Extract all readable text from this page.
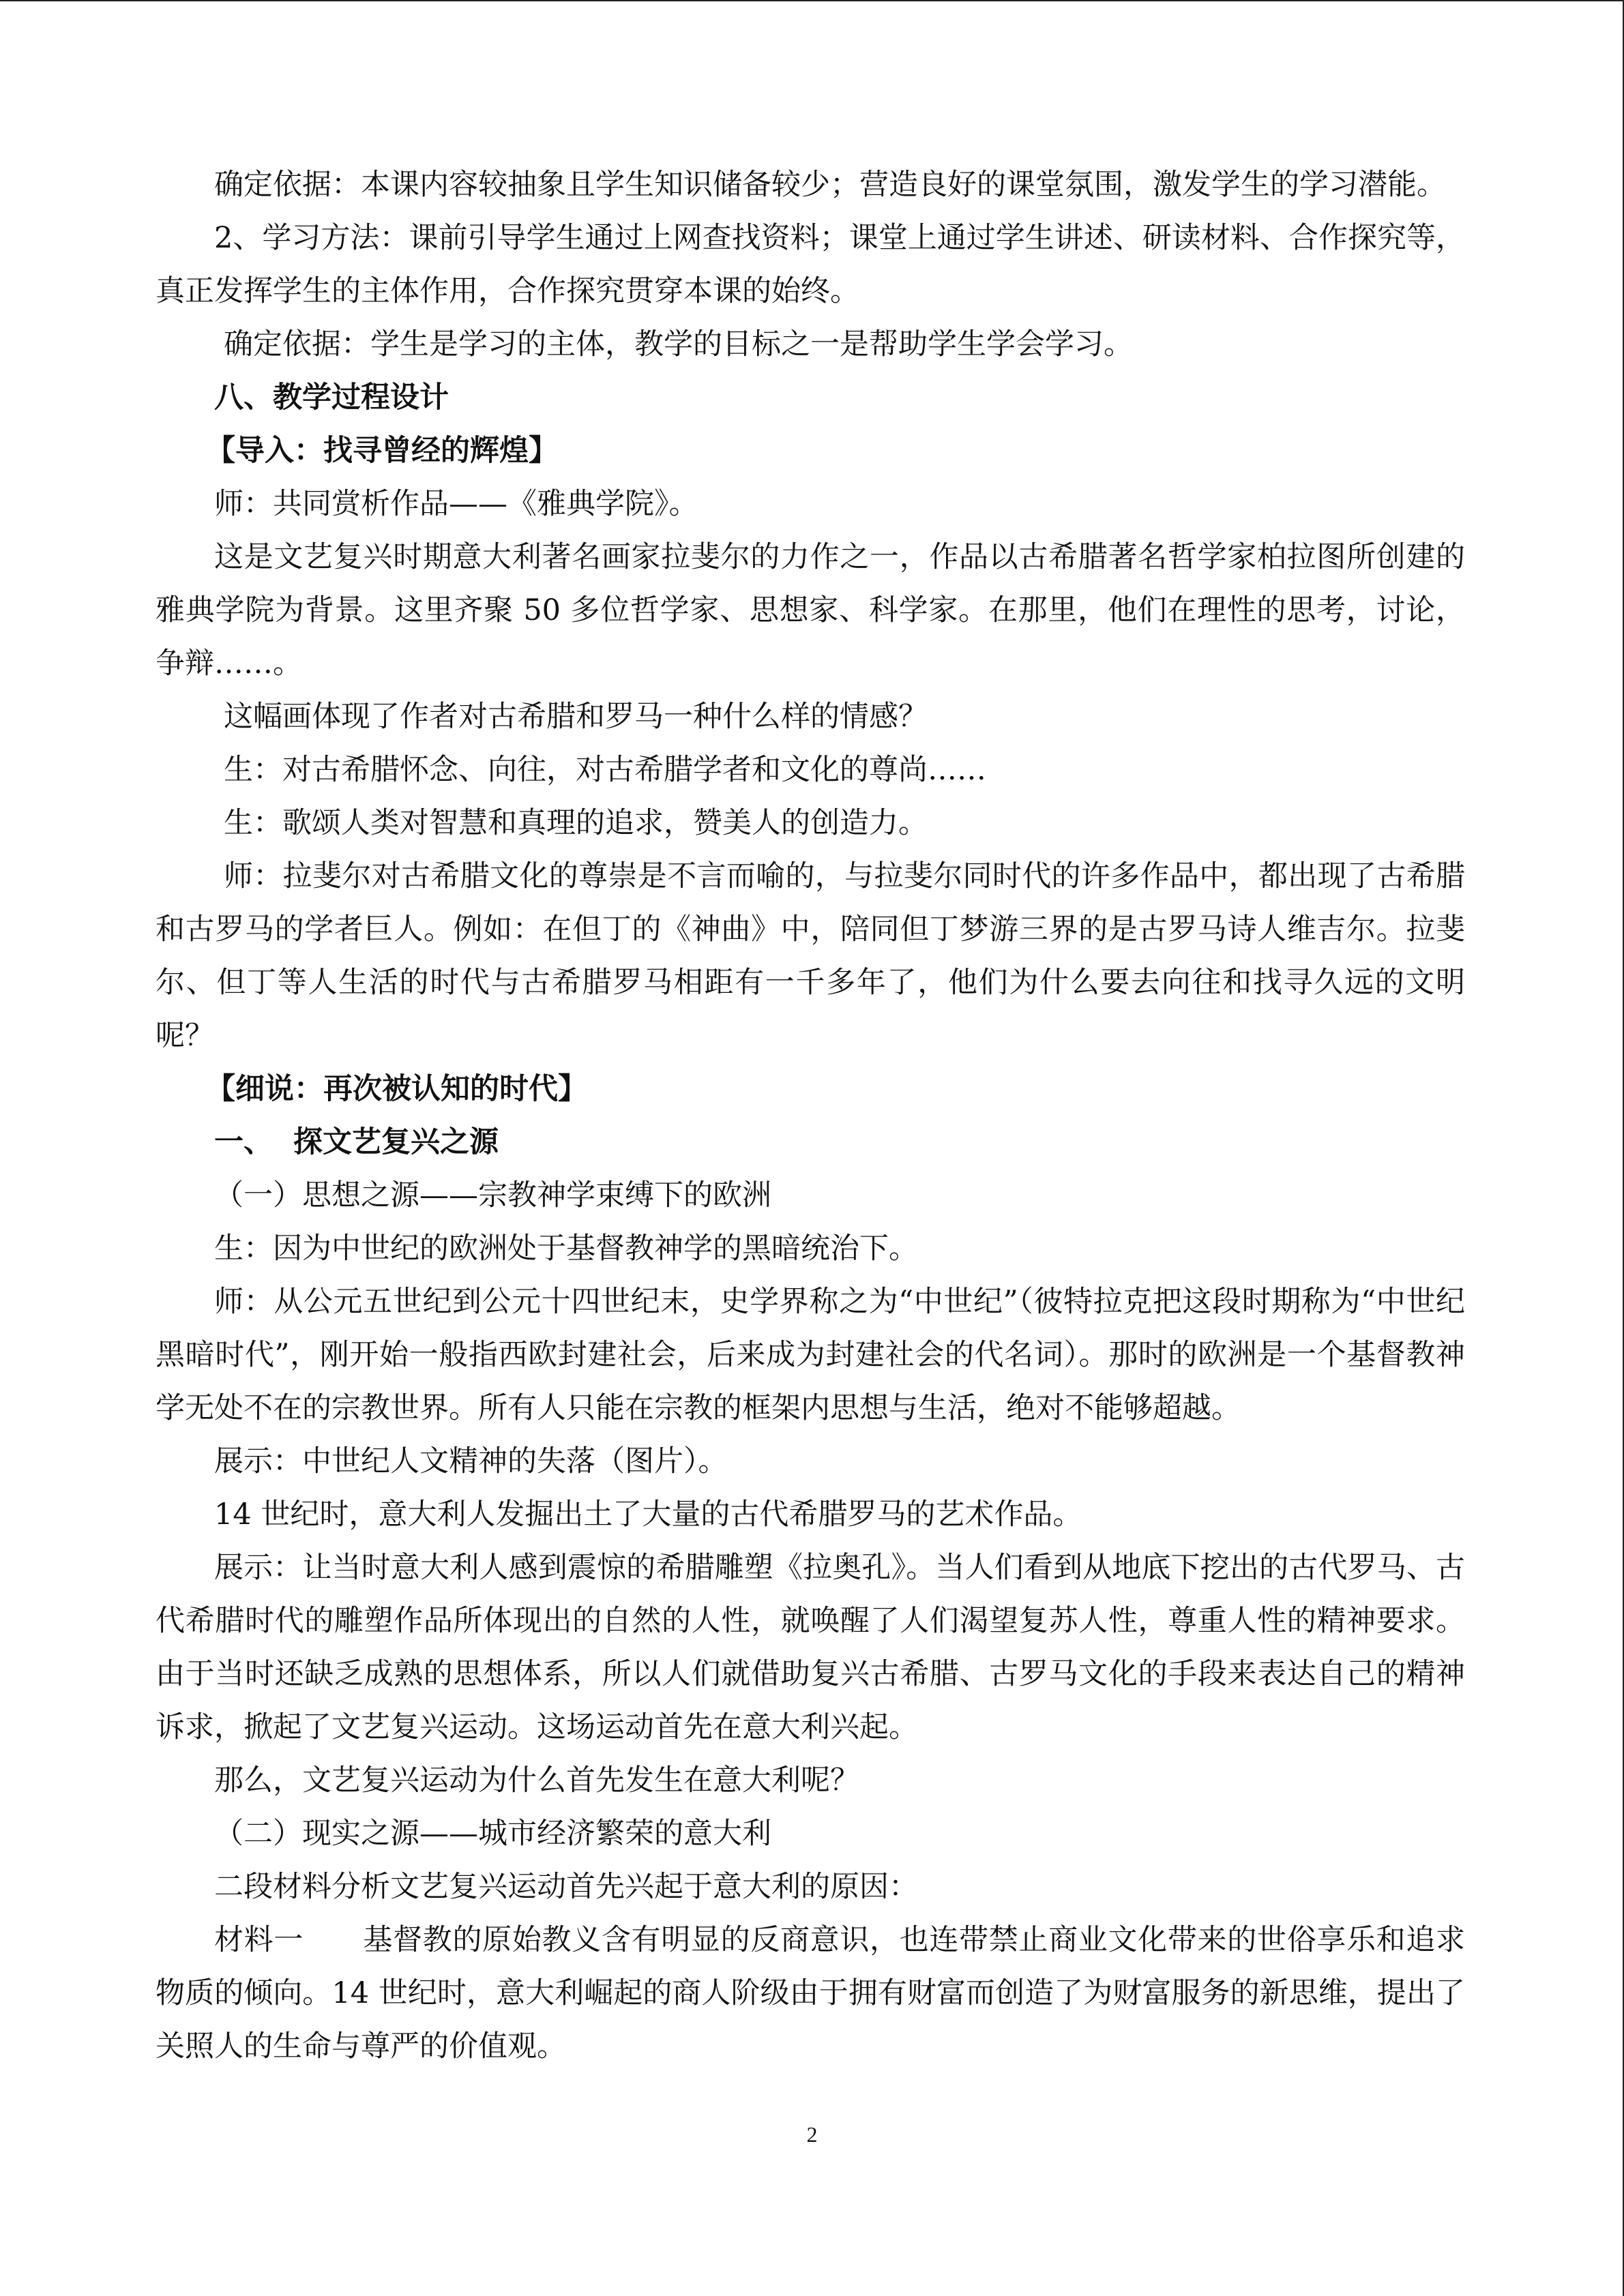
确定依据：本课内容较抽象且学生知识储备较少；营造良好的课堂氛围，激发学生的学习潜能。

2、学习方法：课前引导学生通过上网查找资料；课堂上通过学生讲述、研读材料、合作探究等，真正发挥学生的主体作用，合作探究贯穿本课的始终。

确定依据：学生是学习的主体，教学的目标之一是帮助学生学会学习。

八、教学过程设计

【导入：找寻曾经的辉煌】

师：共同赏析作品——《雅典学院》。

这是文艺复兴时期意大利著名画家拉斐尔的力作之一，作品以古希腊著名哲学家柏拉图所创建的雅典学院为背景。这里齐聚 50 多位哲学家、思想家、科学家。在那里，他们在理性的思考，讨论，争辩……。

这幅画体现了作者对古希腊和罗马一种什么样的情感？

生：对古希腊怀念、向往，对古希腊学者和文化的尊尚……

生：歌颂人类对智慧和真理的追求，赞美人的创造力。

师：拉斐尔对古希腊文化的尊崇是不言而喻的，与拉斐尔同时代的许多作品中，都出现了古希腊和古罗马的学者巨人。例如：在但丁的《神曲》中，陪同但丁梦游三界的是古罗马诗人维吉尔。拉斐尔、但丁等人生活的时代与古希腊罗马相距有一千多年了，他们为什么要去向往和找寻久远的文明呢？

【细说：再次被认知的时代】

一、  探文艺复兴之源

（一）思想之源——宗教神学束缚下的欧洲

生：因为中世纪的欧洲处于基督教神学的黑暗统治下。

师：从公元五世纪到公元十四世纪末，史学界称之为“中世纪”（彼特拉克把这段时期称为“中世纪黑暗时代”，刚开始一般指西欧封建社会，后来成为封建社会的代名词）。那时的欧洲是一个基督教神学无处不在的宗教世界。所有人只能在宗教的框架内思想与生活，绝对不能够超越。

展示：中世纪人文精神的失落（图片）。

14 世纪时，意大利人发掘出土了大量的古代希腊罗马的艺术作品。

展示：让当时意大利人感到震惊的希腊雕塑《拉奥孔》。当人们看到从地底下挖出的古代罗马、古代希腊时代的雕塑作品所体现出的自然的人性，就唤醒了人们渴望复苏人性，尊重人性的精神要求。由于当时还缺乏成熟的思想体系，所以人们就借助复兴古希腊、古罗马文化的手段来表达自己的精神诉求，掀起了文艺复兴运动。这场运动首先在意大利兴起。

那么，文艺复兴运动为什么首先发生在意大利呢？

（二）现实之源——城市经济繁荣的意大利

二段材料分析文艺复兴运动首先兴起于意大利的原因：

材料一　　基督教的原始教义含有明显的反商意识，也连带禁止商业文化带来的世俗享乐和追求物质的倾向。14 世纪时，意大利崛起的商人阶级由于拥有财富而创造了为财富服务的新思维，提出了关照人的生命与尊严的价值观。

2
